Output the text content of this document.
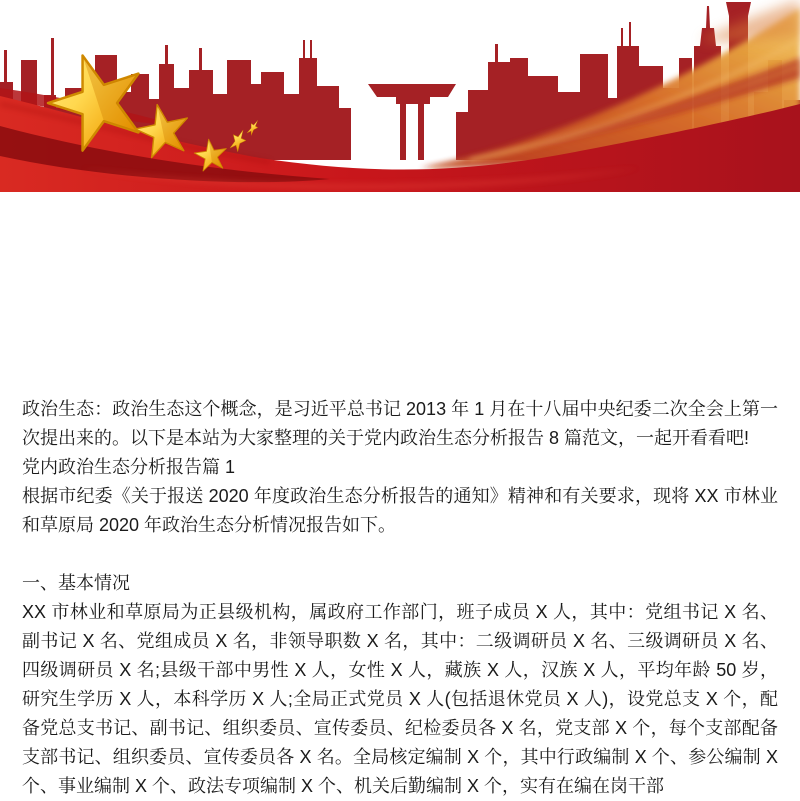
政治生态：政治生态这个概念，是习近平总书记 2013 年 1 月在十八届中央纪委二次全会上第一次提出来的。以下是本站为大家整理的关于党内政治生态分析报告 8 篇范文，一起开看看吧!

党内政治生态分析报告篇 1

根据市纪委《关于报送 2020 年度政治生态分析报告的通知》精神和有关要求，现将 XX 市林业和草原局 2020 年政治生态分析情况报告如下。

一、基本情况

XX 市林业和草原局为正县级机构，属政府工作部门，班子成员 X 人，其中：党组书记 X 名、副书记 X 名、党组成员 X 名，非领导职数 X 名，其中：二级调研员 X 名、三级调研员 X 名、四级调研员 X 名;县级干部中男性 X 人，女性 X 人，藏族 X 人，汉族 X 人，平均年龄 50 岁，研究生学历 X 人，本科学历 X 人;全局正式党员 X 人(包括退休党员 X 人)，设党总支 X 个，配备党总支书记、副书记、组织委员、宣传委员、纪检委员各 X 名，党支部 X 个，每个支部配备支部书记、组织委员、宣传委员各 X 名。全局核定编制 X 个，其中行政编制 X 个、参公编制 X 个、事业编制 X 个、政法专项编制 X 个、机关后勤编制 X 个，实有在编在岗干部
